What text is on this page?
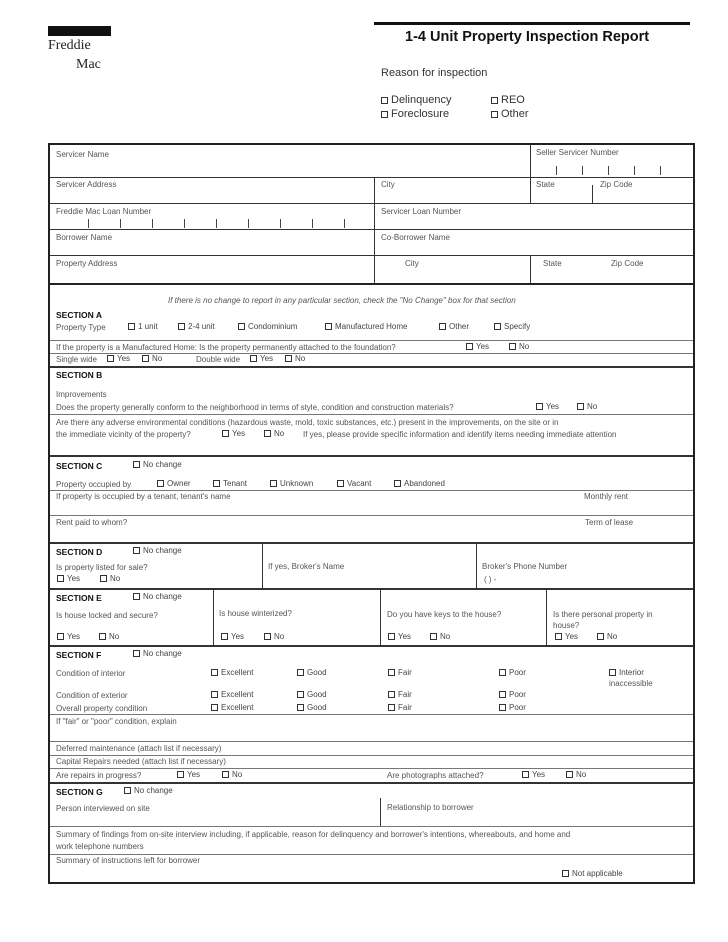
Freddie
Mac
1-4 Unit Property Inspection Report
Reason for inspection
Delinquency	REO
Foreclosure	Other
Servicer Name	Seller Servicer Number
Servicer Address	City	State	Zip Code
Freddie Mac Loan Number	Servicer Loan Number
Borrower Name	Co-Borrower Name
Property Address	City	State	Zip Code
If there is no change to report in any particular section, check the "No Change" box for that section
SECTION A
Property Type	1 unit	2-4 unit	Condominium	Manufactured Home	Other	Specify
If the property is a Manufactured Home: Is the property permanently attached to the foundation?	Yes	No
Single wide	Yes	No	Double wide	Yes	No
SECTION B
Improvements
Does the property generally conform to the neighborhood in terms of style, condition and construction materials?	Yes	No
Are there any adverse environmental conditions (hazardous waste, mold, toxic substances, etc.) present in the improvements, on the site or in
the immediate vicinity of the property?	Yes	No If yes, please provide specific information and identify items needing immediate attention
SECTION C	No change
Property occupied by	Owner	Tenant	Unknown	Vacant	Abandoned
If property is occupied by a tenant, tenant's name	Monthly rent
Rent paid to whom?	Term of lease
SECTION D	No change
Is property listed for sale?
Yes	No
If yes, Broker's Name	Broker's Phone Number
( ) -
SECTION E	No change
Is house locked and secure?
Yes	No
Is house winterized?
Yes	No
Do you have keys to the house?
Yes	No
Is there personal property in
house?
Yes	No
SECTION F	No change
Condition of interior	Excellent	Good	Fair	Poor	Interior
inaccessible
Condition of exterior	Excellent	Good	Fair	Poor
Overall property condition	Excellent	Good	Fair	Poor
If "fair" or "poor" condition, explain
Deferred maintenance (attach list if necessary)
Capital Repairs needed (attach list if necessary)
Are repairs in progress?	Yes	No	Are photographs attached?	Yes	No
SECTION G	No change
Person interviewed on site	Relationship to borrower
Summary of findings from on-site interview including, if applicable, reason for delinquency and borrower's intentions, whereabouts, and home and
work telephone numbers
Summary of instructions left for borrower
Not applicable
